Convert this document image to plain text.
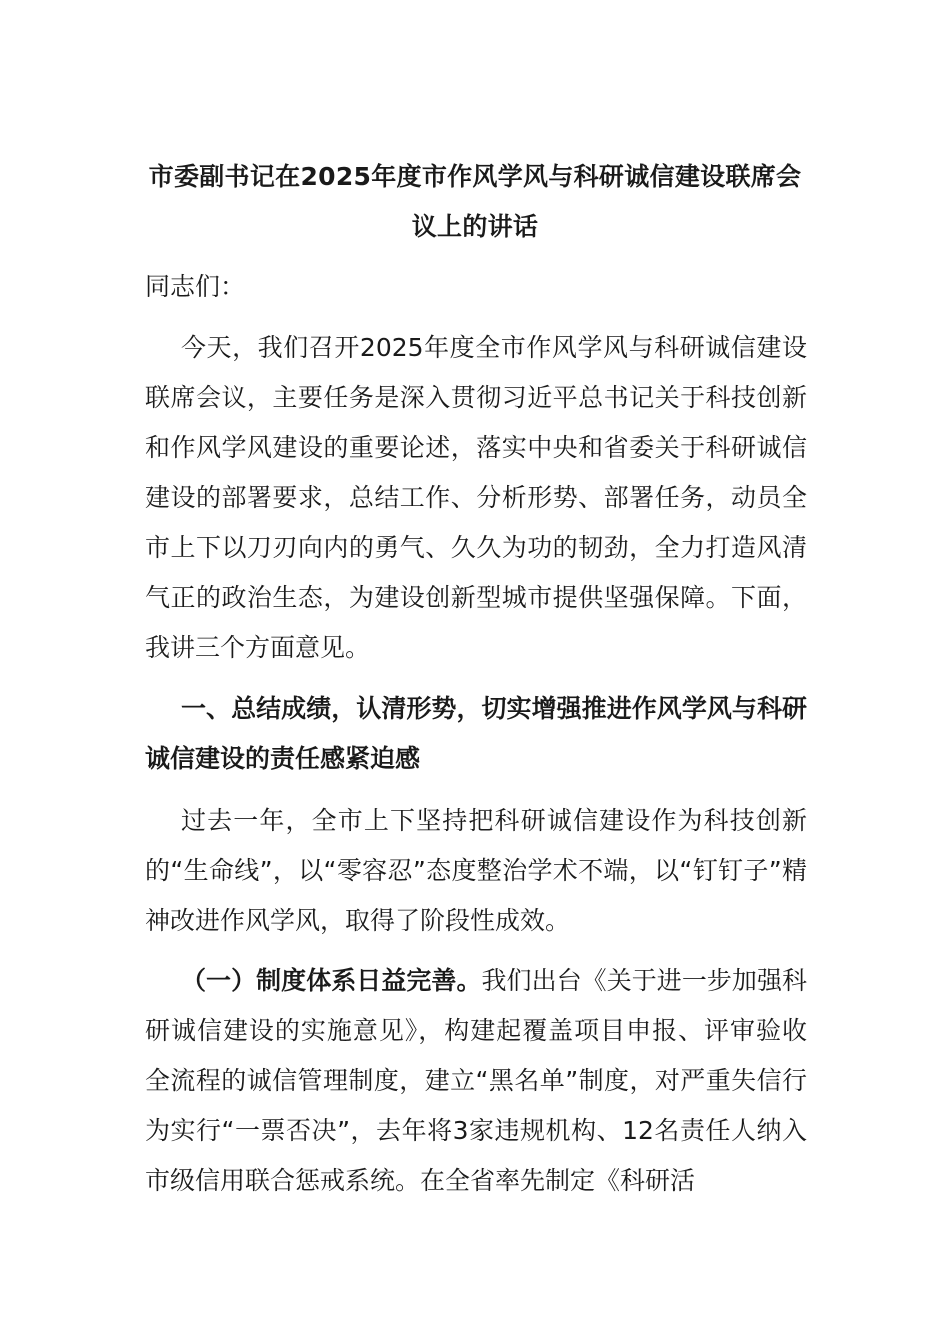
市委副书记在2025年度市作风学风与科研诚信建设联席会议上的讲话
同志们：
今天，我们召开2025年度全市作风学风与科研诚信建设联席会议，主要任务是深入贯彻习近平总书记关于科技创新和作风学风建设的重要论述，落实中央和省委关于科研诚信建设的部署要求，总结工作、分析形势、部署任务，动员全市上下以刀刃向内的勇气、久久为功的韧劲，全力打造风清气正的政治生态，为建设创新型城市提供坚强保障。下面，我讲三个方面意见。
一、总结成绩，认清形势，切实增强推进作风学风与科研诚信建设的责任感紧迫感
过去一年，全市上下坚持把科研诚信建设作为科技创新的“生命线”，以“零容忍”态度整治学术不端，以“钉钉子”精神改进作风学风，取得了阶段性成效。
（一）制度体系日益完善。我们出台《关于进一步加强科研诚信建设的实施意见》，构建起覆盖项目申报、评审验收全流程的诚信管理制度，建立“黑名单”制度，对严重失信行为实行“一票否决”，去年将3家违规机构、12名责任人纳入市级信用联合惩戒系统。在全省率先制定《科研活
